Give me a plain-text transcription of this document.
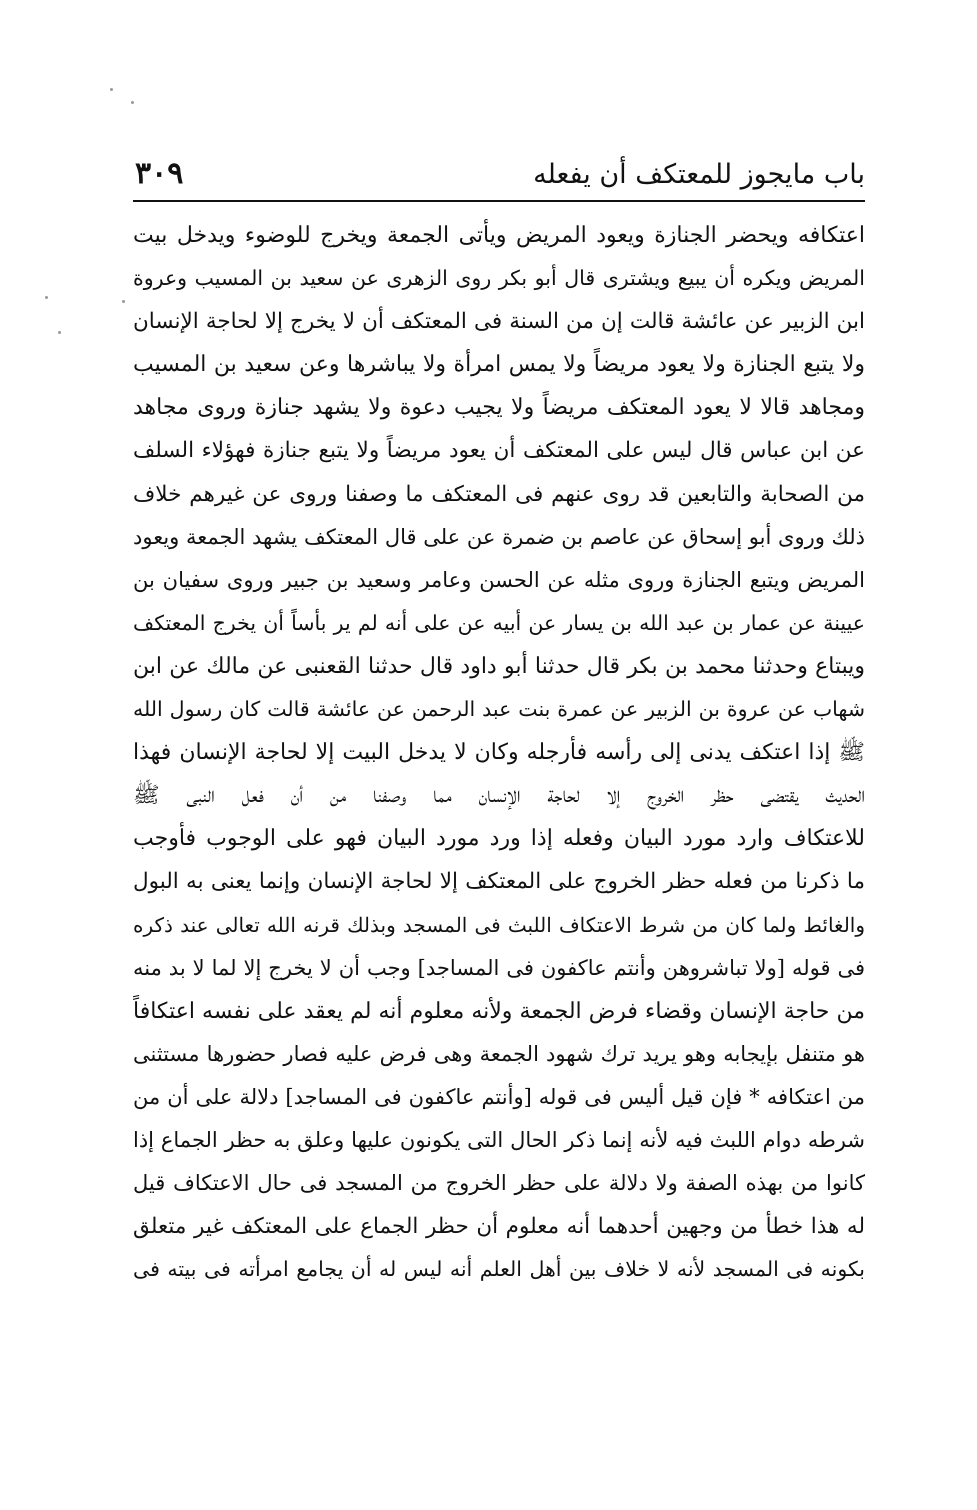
باب مايجوز للمعتكف أن يفعله
٣٠٩
اعتكافه ويحضر الجنازة ويعود المريض ويأتى الجمعة ويخرج للوضوء ويدخل بيت
المريض ويكره أن يبيع ويشترى قال أبو بكر روى الزهرى عن سعيد بن المسيب وعروة
ابن الزبير عن عائشة قالت إن من السنة فى المعتكف أن لا يخرج إلا لحاجة الإنسان
ولا يتبع الجنازة ولا يعود مريضاً ولا يمس امرأة ولا يباشرها وعن سعيد بن المسيب
ومجاهد قالا لا يعود المعتكف مريضاً ولا يجيب دعوة ولا يشهد جنازة وروى مجاهد
عن ابن عباس قال ليس على المعتكف أن يعود مريضاً ولا يتبع جنازة فهؤلاء السلف
من الصحابة والتابعين قد روى عنهم فى المعتكف ما وصفنا وروى عن غيرهم خلاف
ذلك وروى أبو إسحاق عن عاصم بن ضمرة عن على قال المعتكف يشهد الجمعة ويعود
المريض ويتبع الجنازة وروى مثله عن الحسن وعامر وسعيد بن جبير وروى سفيان بن
عيينة عن عمار بن عبد الله بن يسار عن أبيه عن على أنه لم ير بأساً أن يخرج المعتكف
ويبتاع وحدثنا محمد بن بكر قال حدثنا أبو داود قال حدثنا القعنبى عن مالك عن ابن
شهاب عن عروة بن الزبير عن عمرة بنت عبد الرحمن عن عائشة قالت كان رسول الله
ﷺ إذا اعتكف يدنى إلى رأسه فأرجله وكان لا يدخل البيت إلا لحاجة الإنسان فهذا
الحديث يقتضى حظر الخروج إلا لحاجة الإنسان مما وصفنا من أن فعل النبى ﷺ
للاعتكاف وارد مورد البيان وفعله إذا ورد مورد البيان فهو على الوجوب فأوجب
ما ذكرنا من فعله حظر الخروج على المعتكف إلا لحاجة الإنسان وإنما يعنى به البول
والغائط ولما كان من شرط الاعتكاف اللبث فى المسجد وبذلك قرنه الله تعالى عند ذكره
فى قوله [ولا تباشروهن وأنتم عاكفون فى المساجد] وجب أن لا يخرج إلا لما لا بد منه
من حاجة الإنسان وقضاء فرض الجمعة ولأنه معلوم أنه لم يعقد على نفسه اعتكافاً
هو متنفل بإيجابه وهو يريد ترك شهود الجمعة وهى فرض عليه فصار حضورها مستثنى
من اعتكافه * فإن قيل أليس فى قوله [وأنتم عاكفون فى المساجد] دلالة على أن من
شرطه دوام اللبث فيه لأنه إنما ذكر الحال التى يكونون عليها وعلق به حظر الجماع إذا
كانوا من بهذه الصفة ولا دلالة على حظر الخروج من المسجد فى حال الاعتكاف قيل
له هذا خطأ من وجهين أحدهما أنه معلوم أن حظر الجماع على المعتكف غير متعلق
بكونه فى المسجد لأنه لا خلاف بين أهل العلم أنه ليس له أن يجامع امرأته فى بيته فى
